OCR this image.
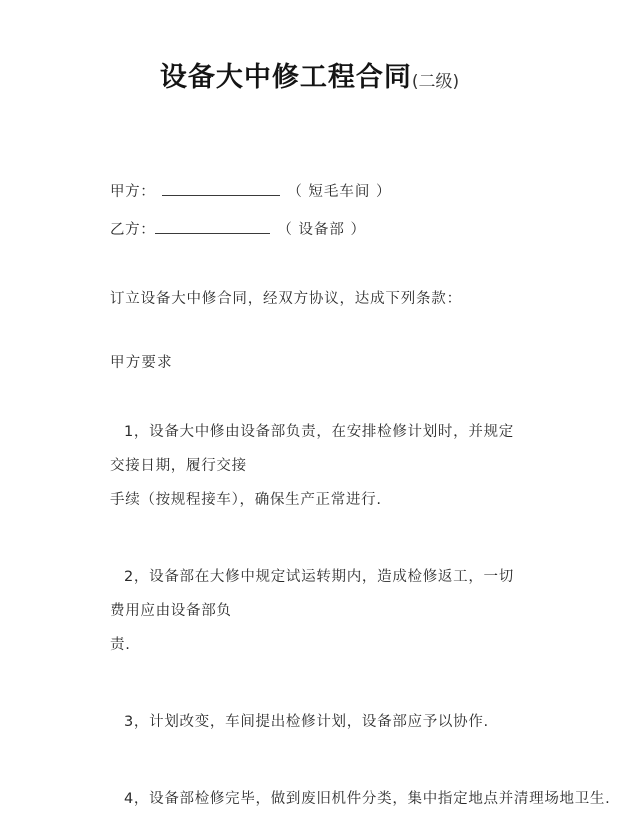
设备大中修工程合同(二级)
甲方：	（ 短毛车间 ）
乙方：	（ 设备部 ）
订立设备大中修合同，经双方协议，达成下列条款：
甲方要求
1，设备大中修由设备部负责，在安排检修计划时，并规定交接日期，履行交接
手续（按规程接车），确保生产正常进行.
2，设备部在大修中规定试运转期内，造成检修返工，一切费用应由设备部负
责.
3，计划改变，车间提出检修计划，设备部应予以协作.
4，设备部检修完毕，做到废旧机件分类，集中指定地点并清理场地卫生.
